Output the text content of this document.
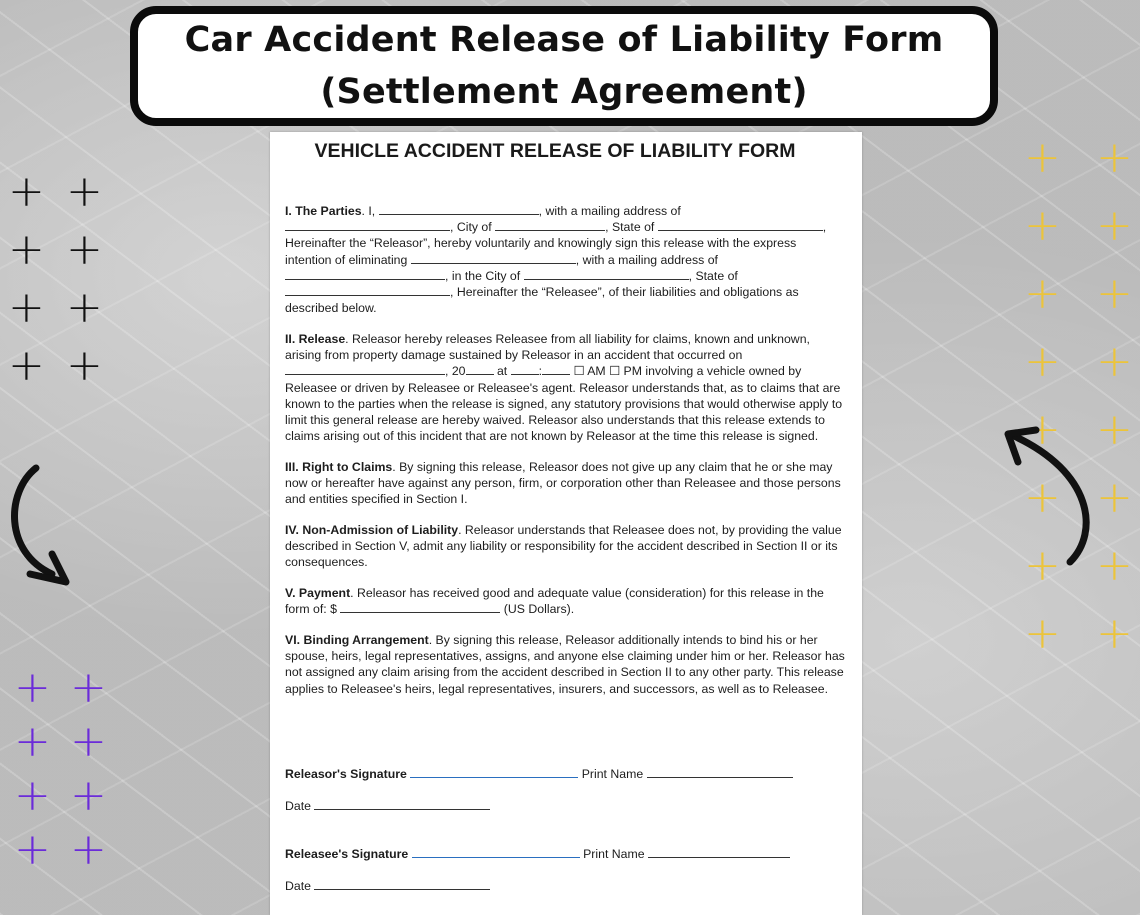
Car Accident Release of Liability Form
(Settlement Agreement)
+ +
+ +
+ +
+ +
+ +
+ +
+ +
+ +
+ +
+ +
+ +
+ +
+ +
+ +
+ +
+ +
VEHICLE ACCIDENT RELEASE OF LIABILITY FORM

I. The Parties. I,	, with a mailing address of , City of	, State of	, Hereinafter the “Releasor”, hereby voluntarily and knowingly sign this release with the express intention of eliminating	, with a mailing address of , in the City of	, State of , Hereinafter the “Releasee”, of their liabilities and obligations as described below.

II. Release. Releasor hereby releases Releasee from all liability for claims, known and unknown, arising from property damage sustained by Releasor in an accident that occurred on , 20	at	:	☐ AM ☐ PM involving a vehicle owned by Releasee or driven by Releasee or Releasee's agent. Releasor understands that, as to claims that are known to the parties when the release is signed, any statutory provisions that would otherwise apply to limit this general release are hereby waived. Releasor also understands that this release extends to claims arising out of this incident that are not known by Releasor at the time this release is signed.

III. Right to Claims. By signing this release, Releasor does not give up any claim that he or she may now or hereafter have against any person, firm, or corporation other than Releasee and those persons and entities specified in Section I.

IV. Non-Admission of Liability. Releasor understands that Releasee does not, by providing the value described in Section V, admit any liability or responsibility for the accident described in Section II or its consequences.

V. Payment. Releasor has received good and adequate value (consideration) for this release in the form of: $	(US Dollars).

VI. Binding Arrangement. By signing this release, Releasor additionally intends to bind his or her spouse, heirs, legal representatives, assigns, and anyone else claiming under him or her. Releasor has not assigned any claim arising from the accident described in Section II to any other party. This release applies to Releasee's heirs, legal representatives, insurers, and successors, as well as to Releasee.

Releasor's Signature	Print Name
Date
Releasee's Signature	Print Name
Date
